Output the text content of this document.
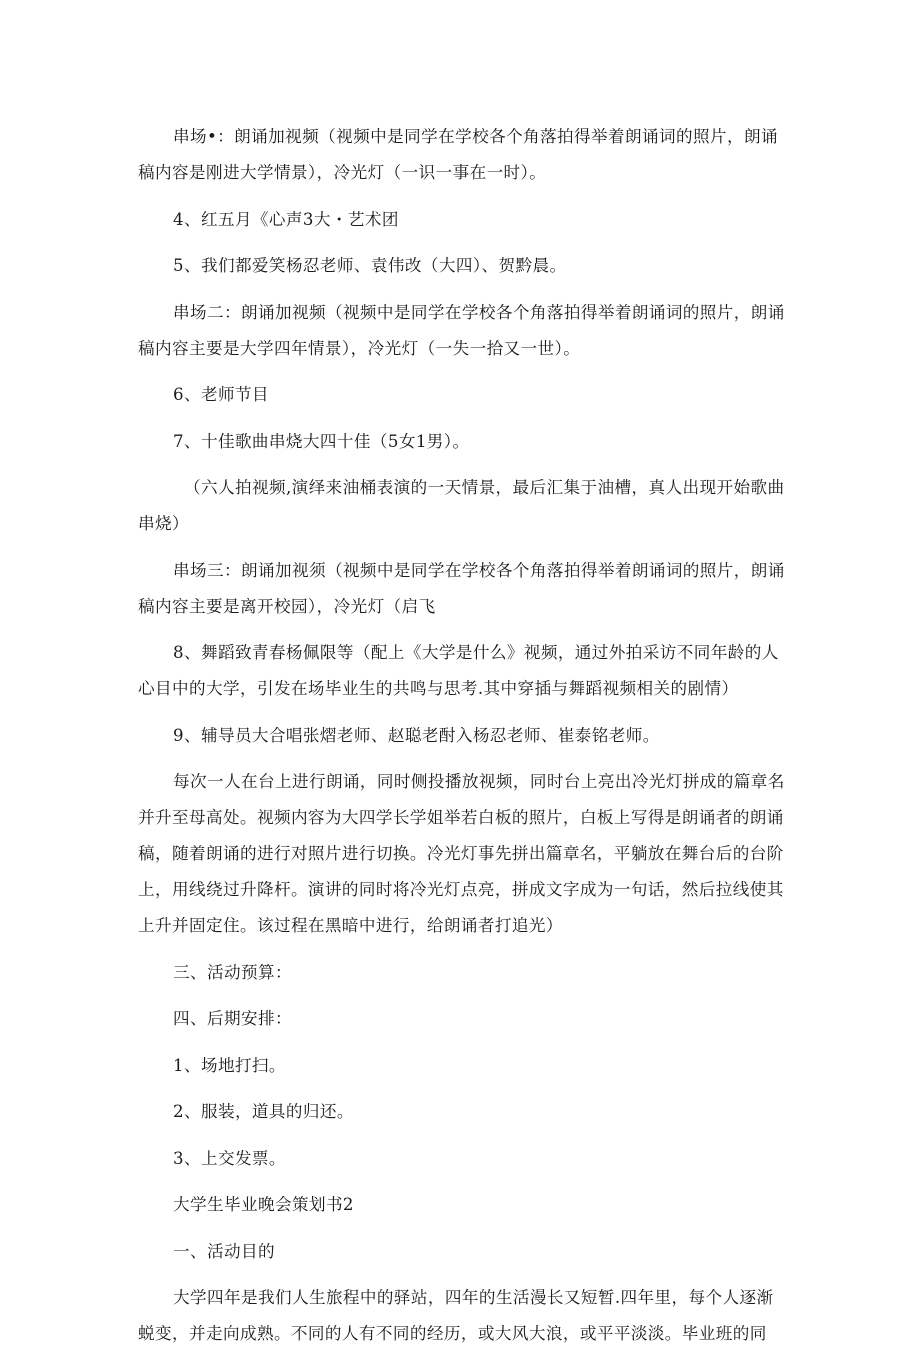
串场•：朗诵加视频（视频中是同学在学校各个角落拍得举着朗诵词的照片，朗诵稿内容是刚进大学情景），冷光灯（一识一事在一时）。

4、红五月《心声3大・艺术团

5、我们都爱笑杨忍老师、袁伟改（大四）、贺黔晨。

串场二：朗诵加视频（视频中是同学在学校各个角落拍得举着朗诵词的照片，朗诵稿内容主要是大学四年情景），冷光灯（一失一拾又一世）。

6、老师节目

7、十佳歌曲串烧大四十佳（5女1男）。

（六人拍视频,演绎来油桶表演的一天情景，最后汇集于油槽，真人出现开始歌曲串烧）

串场三：朗诵加视须（视频中是同学在学校各个角落拍得举着朗诵词的照片，朗诵稿内容主要是离开校园），冷光灯（启飞

8、舞蹈致青春杨佩限等（配上《大学是什么》视频，通过外拍采访不同年龄的人心目中的大学，引发在场毕业生的共鸣与思考.其中穿插与舞蹈视频相关的剧情）

9、辅导员大合唱张熠老师、赵聪老酎入杨忍老师、崔泰铭老师。

每次一人在台上进行朗诵，同时侧投播放视频，同时台上亮出冷光灯拼成的篇章名并升至母高处。视频内容为大四学长学姐举若白板的照片，白板上写得是朗诵者的朗诵稿，随着朗诵的进行对照片进行切换。冷光灯事先拼出篇章名，平躺放在舞台后的台阶上，用线绕过升降杆。演讲的同时将冷光灯点亮，拼成文字成为一句话，然后拉线使其上升并固定住。该过程在黑暗中进行，给朗诵者打追光）

三、活动预算：

四、后期安排：

1、场地打扫。

2、服装，道具的归还。

3、上交发票。

大学生毕业晚会策划书2

一、活动目的

大学四年是我们人生旅程中的驿站，四年的生活漫长又短暂.四年里，每个人逐渐蜕变，并走向成熟。不同的人有不同的经历，或大风大浪，或平平淡淡。毕业班的同
